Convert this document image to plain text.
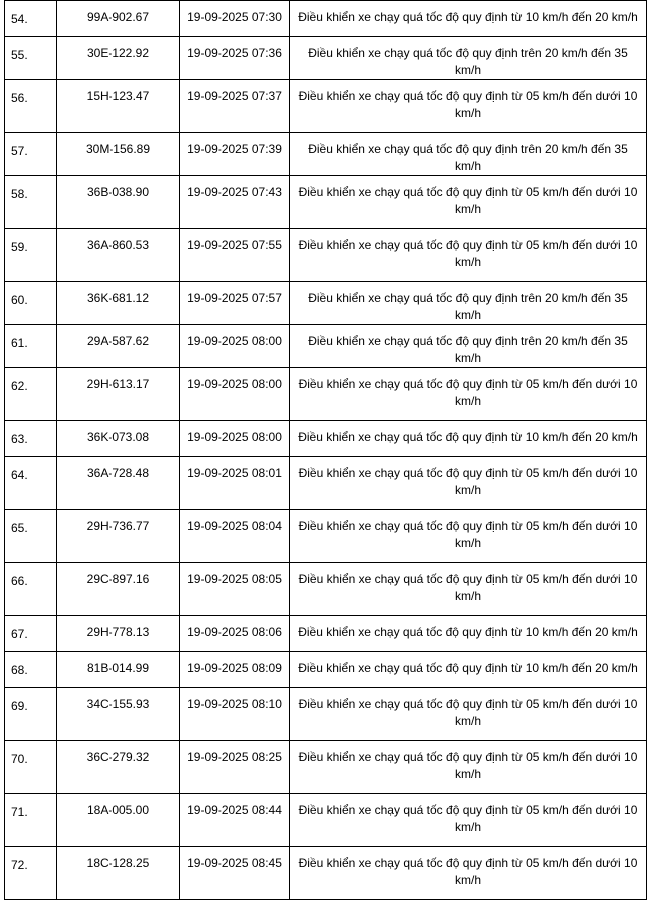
54.	99A-902.67	19-09-2025 07:30	Điều khiển xe chạy quá tốc độ quy định từ 10 km/h đến 20 km/h
55.	30E-122.92	19-09-2025 07:36	Điều khiển xe chạy quá tốc độ quy định trên 20 km/h đến 35 km/h
56.	15H-123.47	19-09-2025 07:37	Điều khiển xe chạy quá tốc độ quy định từ 05 km/h đến dưới 10 km/h
57.	30M-156.89	19-09-2025 07:39	Điều khiển xe chạy quá tốc độ quy định trên 20 km/h đến 35 km/h
58.	36B-038.90	19-09-2025 07:43	Điều khiển xe chạy quá tốc độ quy định từ 05 km/h đến dưới 10 km/h
59.	36A-860.53	19-09-2025 07:55	Điều khiển xe chạy quá tốc độ quy định từ 05 km/h đến dưới 10 km/h
60.	36K-681.12	19-09-2025 07:57	Điều khiển xe chạy quá tốc độ quy định trên 20 km/h đến 35 km/h
61.	29A-587.62	19-09-2025 08:00	Điều khiển xe chạy quá tốc độ quy định trên 20 km/h đến 35 km/h
62.	29H-613.17	19-09-2025 08:00	Điều khiển xe chạy quá tốc độ quy định từ 05 km/h đến dưới 10 km/h
63.	36K-073.08	19-09-2025 08:00	Điều khiển xe chạy quá tốc độ quy định từ 10 km/h đến 20 km/h
64.	36A-728.48	19-09-2025 08:01	Điều khiển xe chạy quá tốc độ quy định từ 05 km/h đến dưới 10 km/h
65.	29H-736.77	19-09-2025 08:04	Điều khiển xe chạy quá tốc độ quy định từ 05 km/h đến dưới 10 km/h
66.	29C-897.16	19-09-2025 08:05	Điều khiển xe chạy quá tốc độ quy định từ 05 km/h đến dưới 10 km/h
67.	29H-778.13	19-09-2025 08:06	Điều khiển xe chạy quá tốc độ quy định từ 10 km/h đến 20 km/h
68.	81B-014.99	19-09-2025 08:09	Điều khiển xe chạy quá tốc độ quy định từ 10 km/h đến 20 km/h
69.	34C-155.93	19-09-2025 08:10	Điều khiển xe chạy quá tốc độ quy định từ 05 km/h đến dưới 10 km/h
70.	36C-279.32	19-09-2025 08:25	Điều khiển xe chạy quá tốc độ quy định từ 05 km/h đến dưới 10 km/h
71.	18A-005.00	19-09-2025 08:44	Điều khiển xe chạy quá tốc độ quy định từ 05 km/h đến dưới 10 km/h
72.	18C-128.25	19-09-2025 08:45	Điều khiển xe chạy quá tốc độ quy định từ 05 km/h đến dưới 10 km/h
